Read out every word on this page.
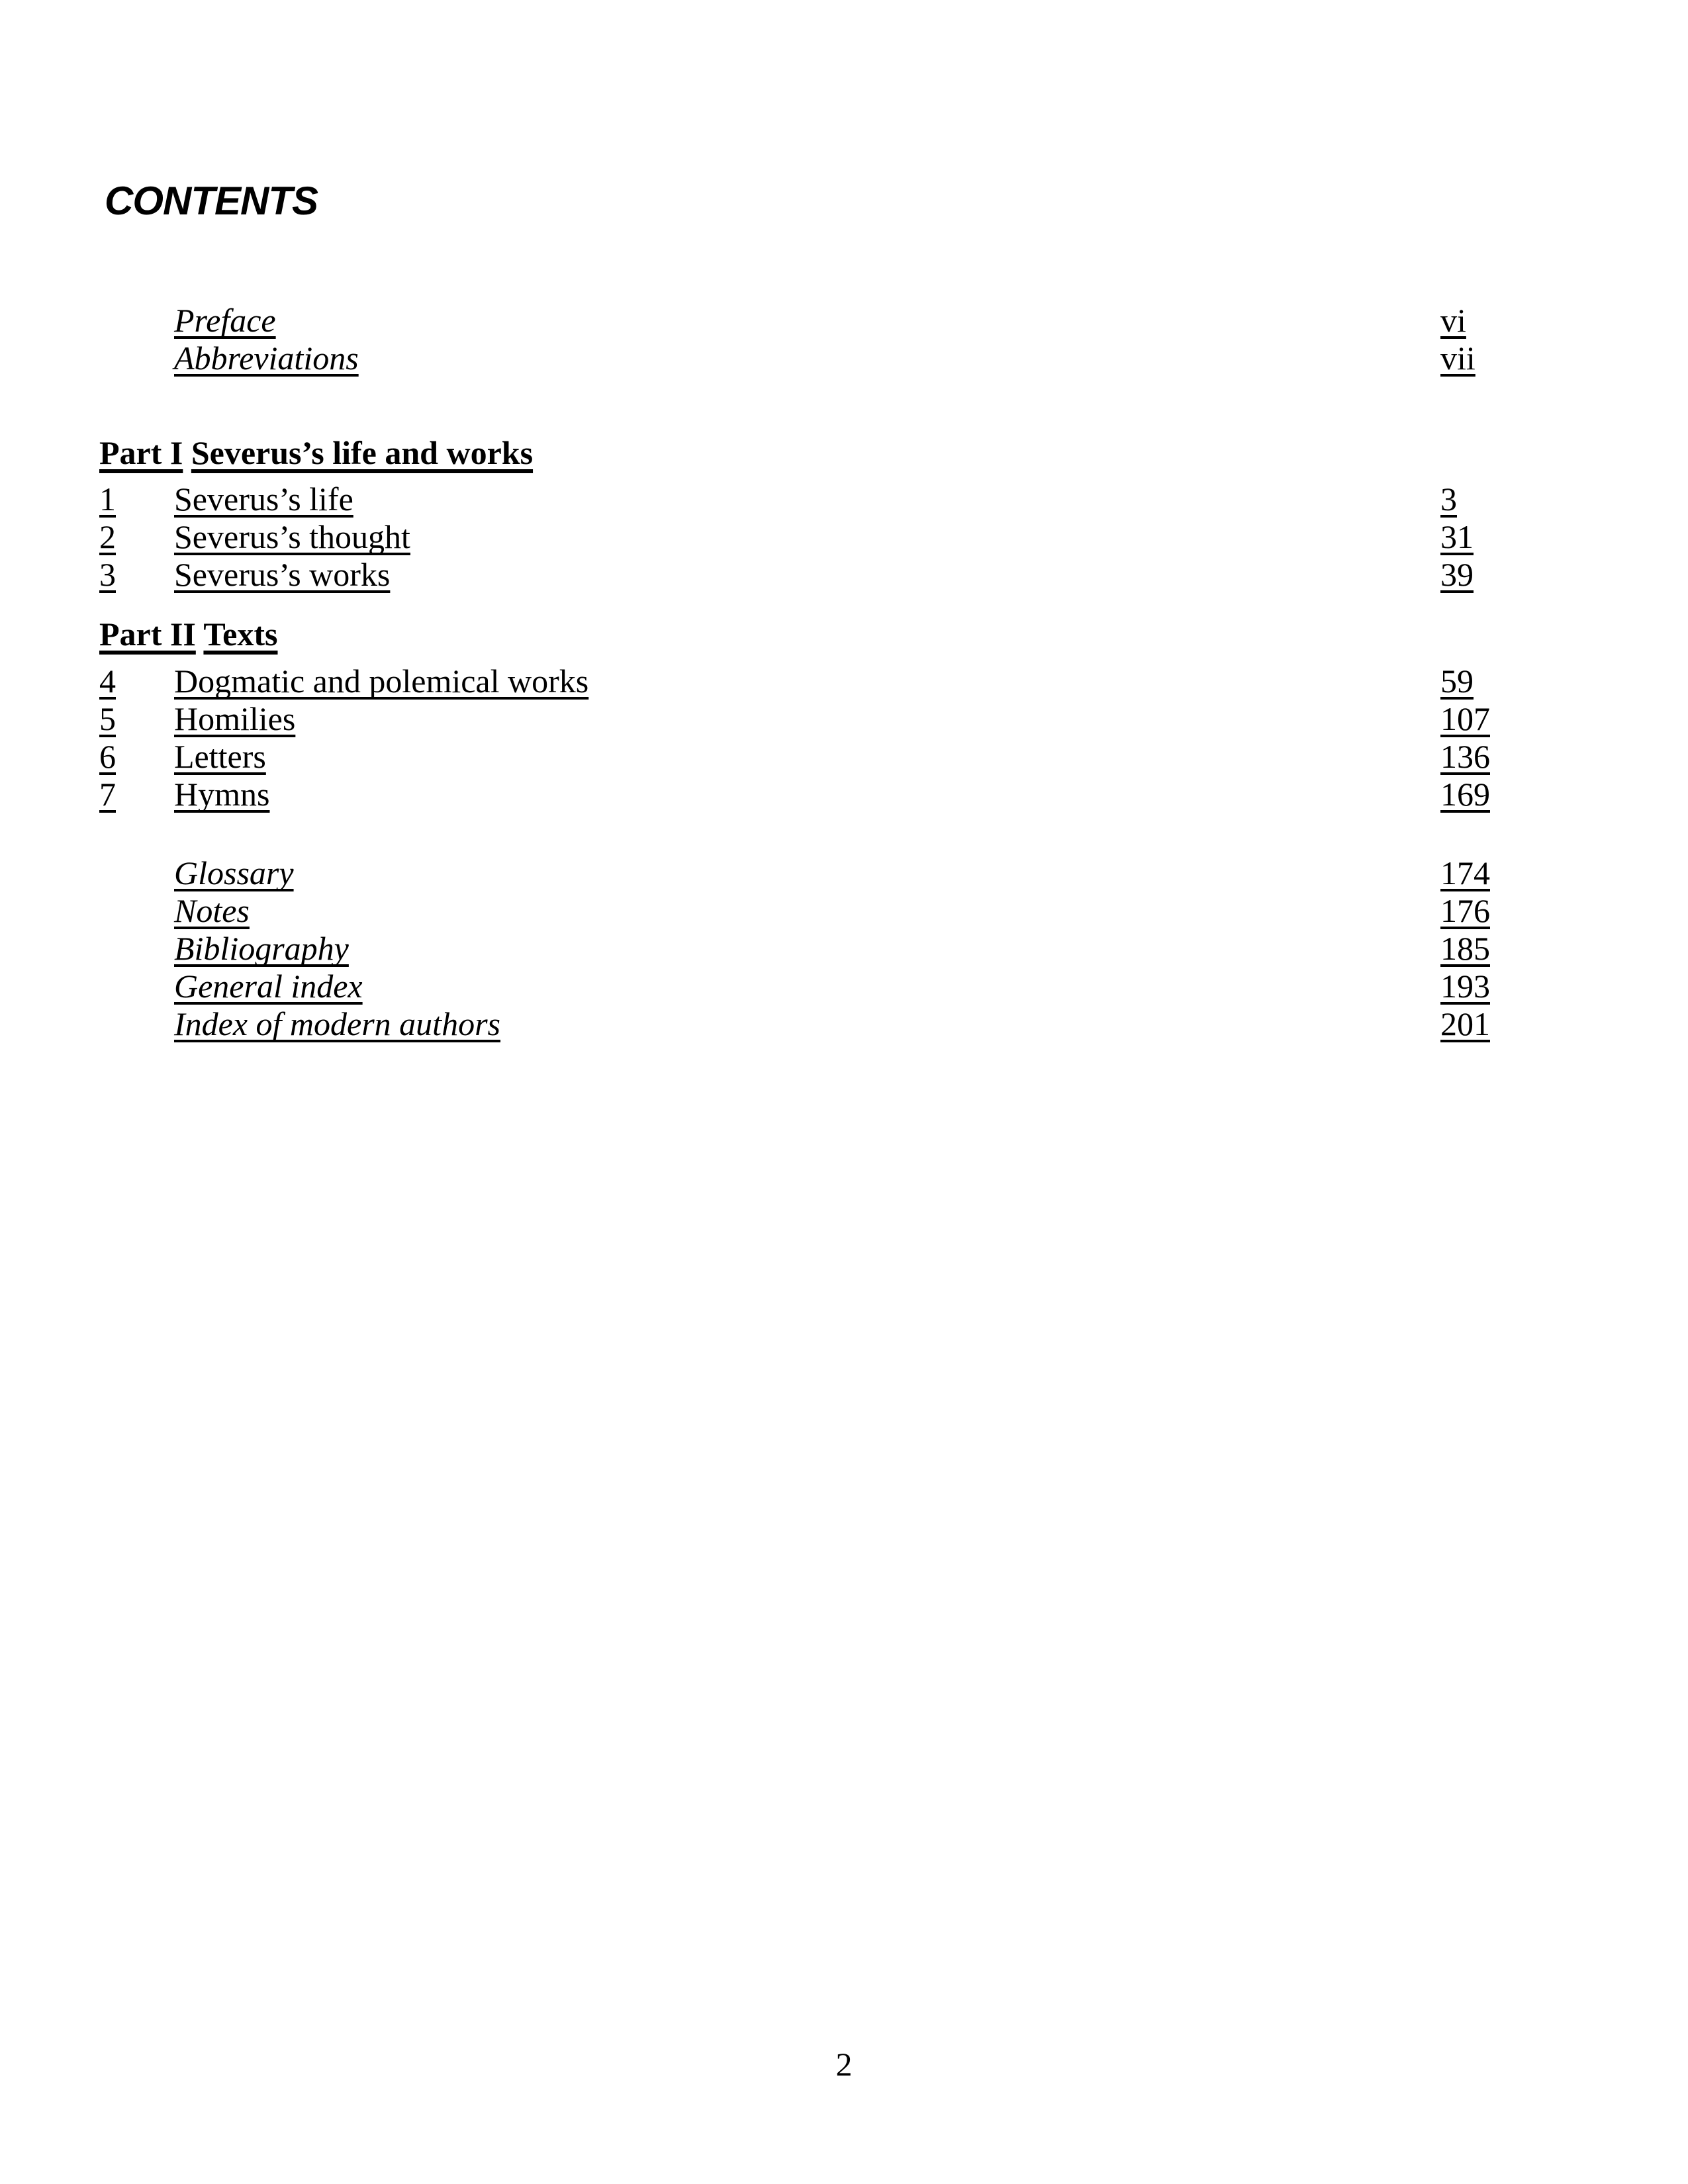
CONTENTS
Preface	vi
Abbreviations	vii
Part I Severus’s life and works
1 Severus’s life	3
2 Severus’s thought	31
3 Severus’s works	39
Part II Texts
4 Dogmatic and polemical works	59
5 Homilies	107
6 Letters	136
7 Hymns	169
Glossary	174
Notes	176
Bibliography	185
General index	193
Index of modern authors	201
2
